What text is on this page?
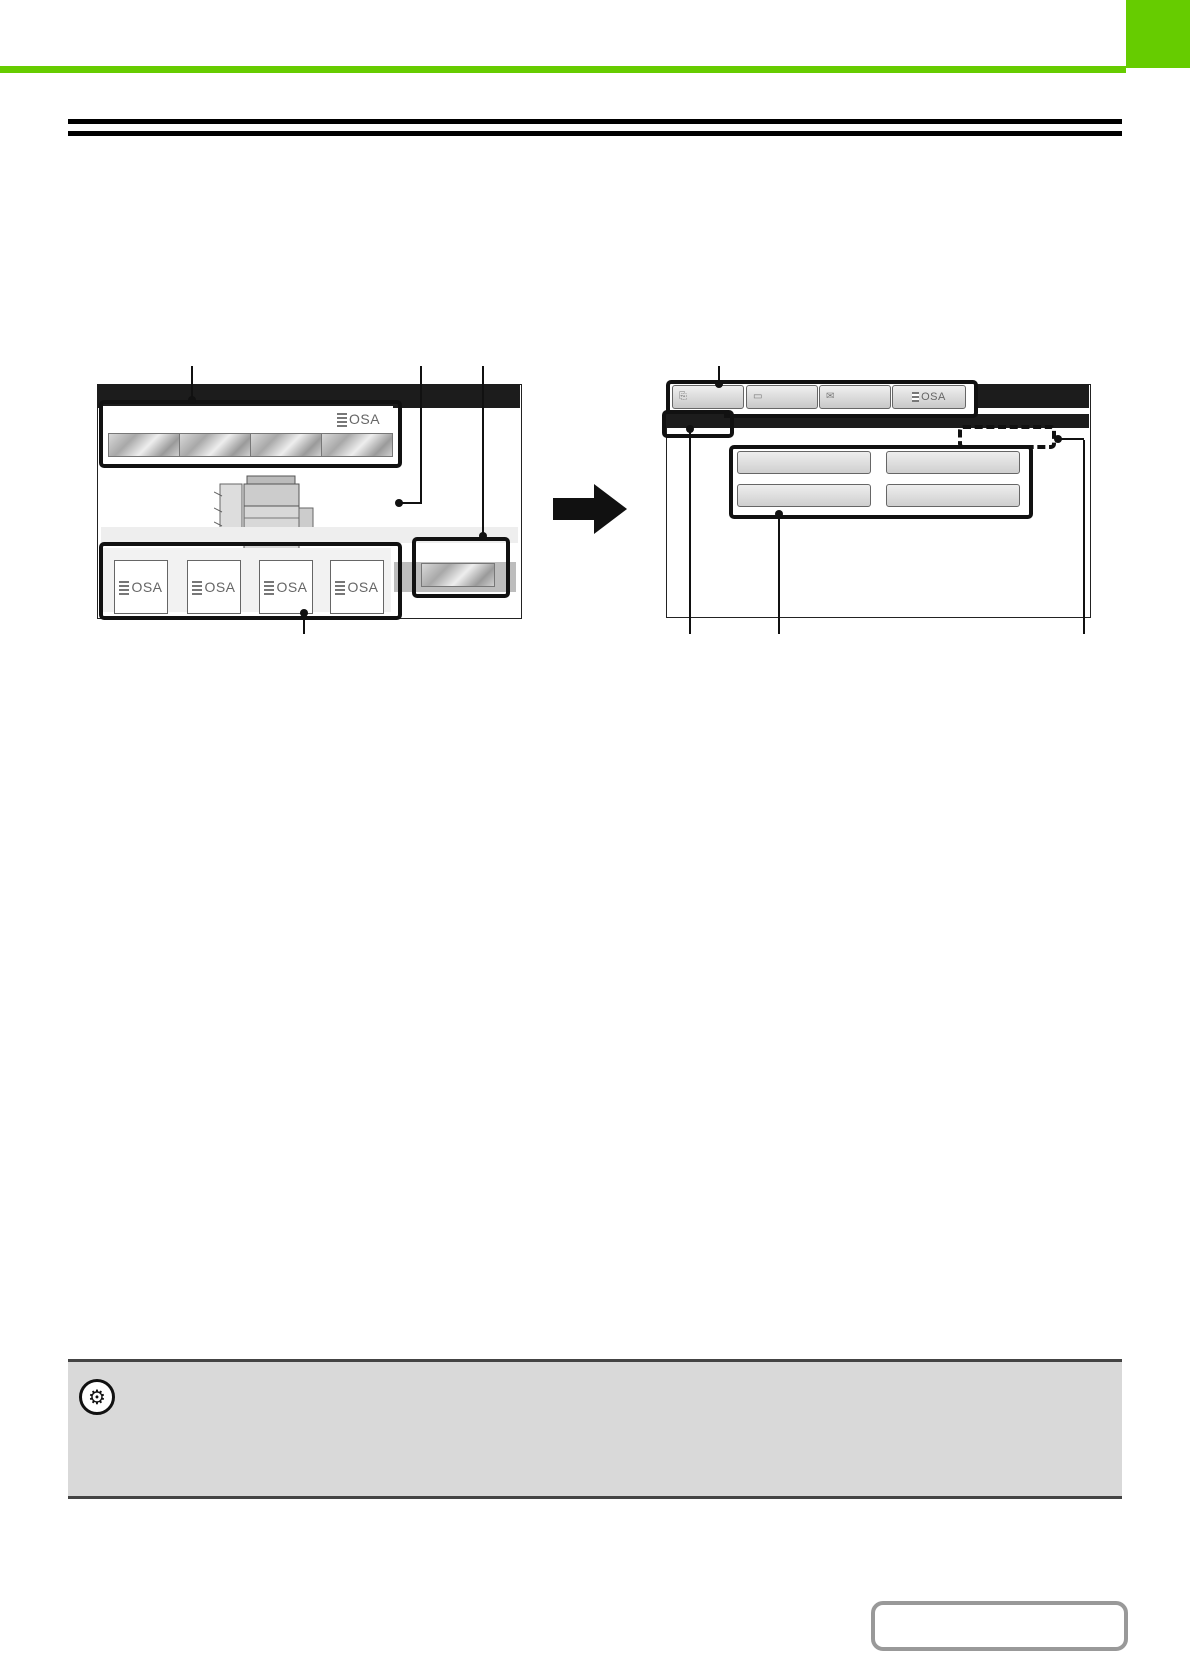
OSA
OSA	OSA	OSA	OSA
⎘	▭	✉	OSA
⚙
